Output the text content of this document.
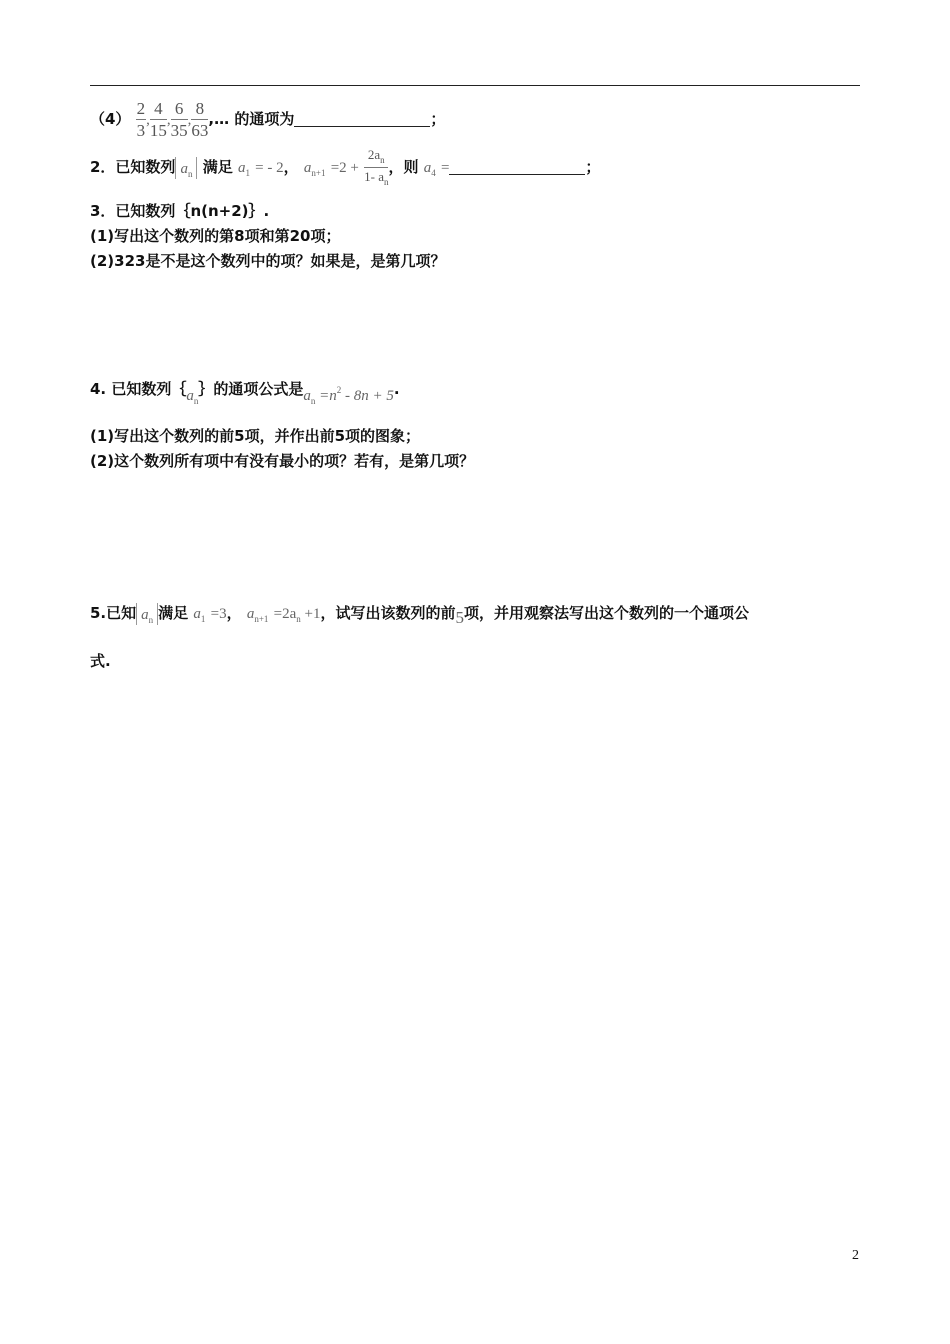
$(4) \frac{2}{3}$ , $\frac{4}{15}$ , $\frac{6}{35}$ , $\frac{8}{63}$ ,… 的通项为	；
2．已知数列 $a_n$ 满足 $a_1$ = - 2， $a_{n+1} =2 + \frac{2a_n}{1- a_n}$ ，则 $a_4$ =	；
3．已知数列｛n(n+2)｝.
(1)写出这个数列的第8项和第20项；
(2)323是不是这个数列中的项？如果是，是第几项？
4. 已知数列$\{a_n\}$的通项公式是$a_n =n^2 - 8n + 5$.
(1)写出这个数列的前5项，并作出前5项的图象；
(2)这个数列所有项中有没有最小的项？若有，是第几项？
5.已知 $a_n$ 满足 $a_1 =3$， $a_{n+1} =2a_n +1$，试写出该数列的前5项，并用观察法写出这个数列的一个通项公
式.
2
